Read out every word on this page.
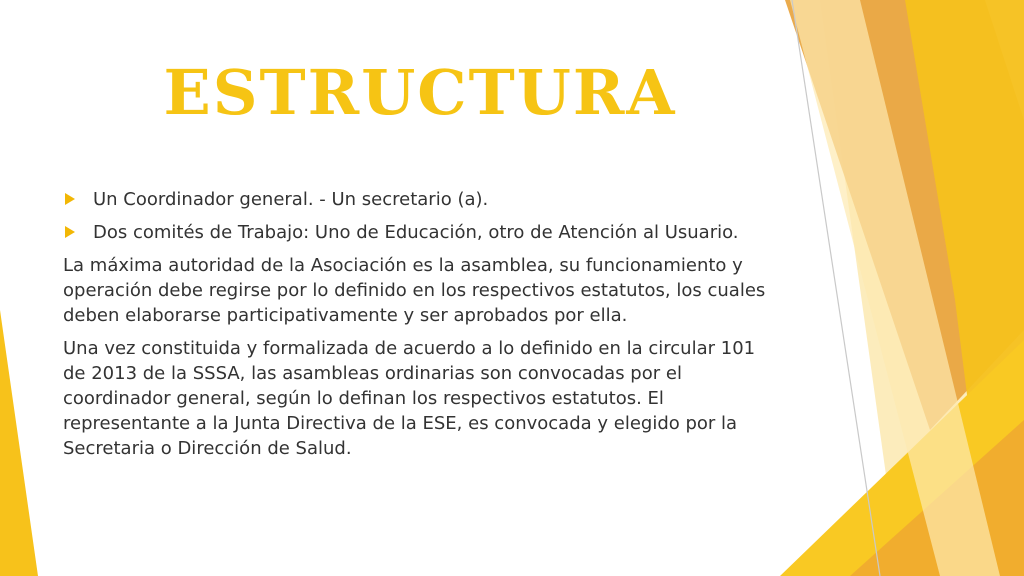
ESTRUCTURA
Un Coordinador general. - Un secretario (a).
Dos comités de Trabajo: Uno de Educación, otro de Atención al Usuario.
La máxima autoridad de la Asociación es la asamblea, su funcionamiento y operación debe regirse por lo definido en los respectivos estatutos, los cuales deben elaborarse participativamente y ser aprobados por ella.
Una vez constituida y formalizada de acuerdo a lo definido en la circular 101 de 2013 de la SSSA, las asambleas ordinarias son convocadas por el coordinador general, según lo definan los respectivos estatutos. El representante a la Junta Directiva de la ESE, es convocada y elegido por la Secretaria o Dirección de Salud.
